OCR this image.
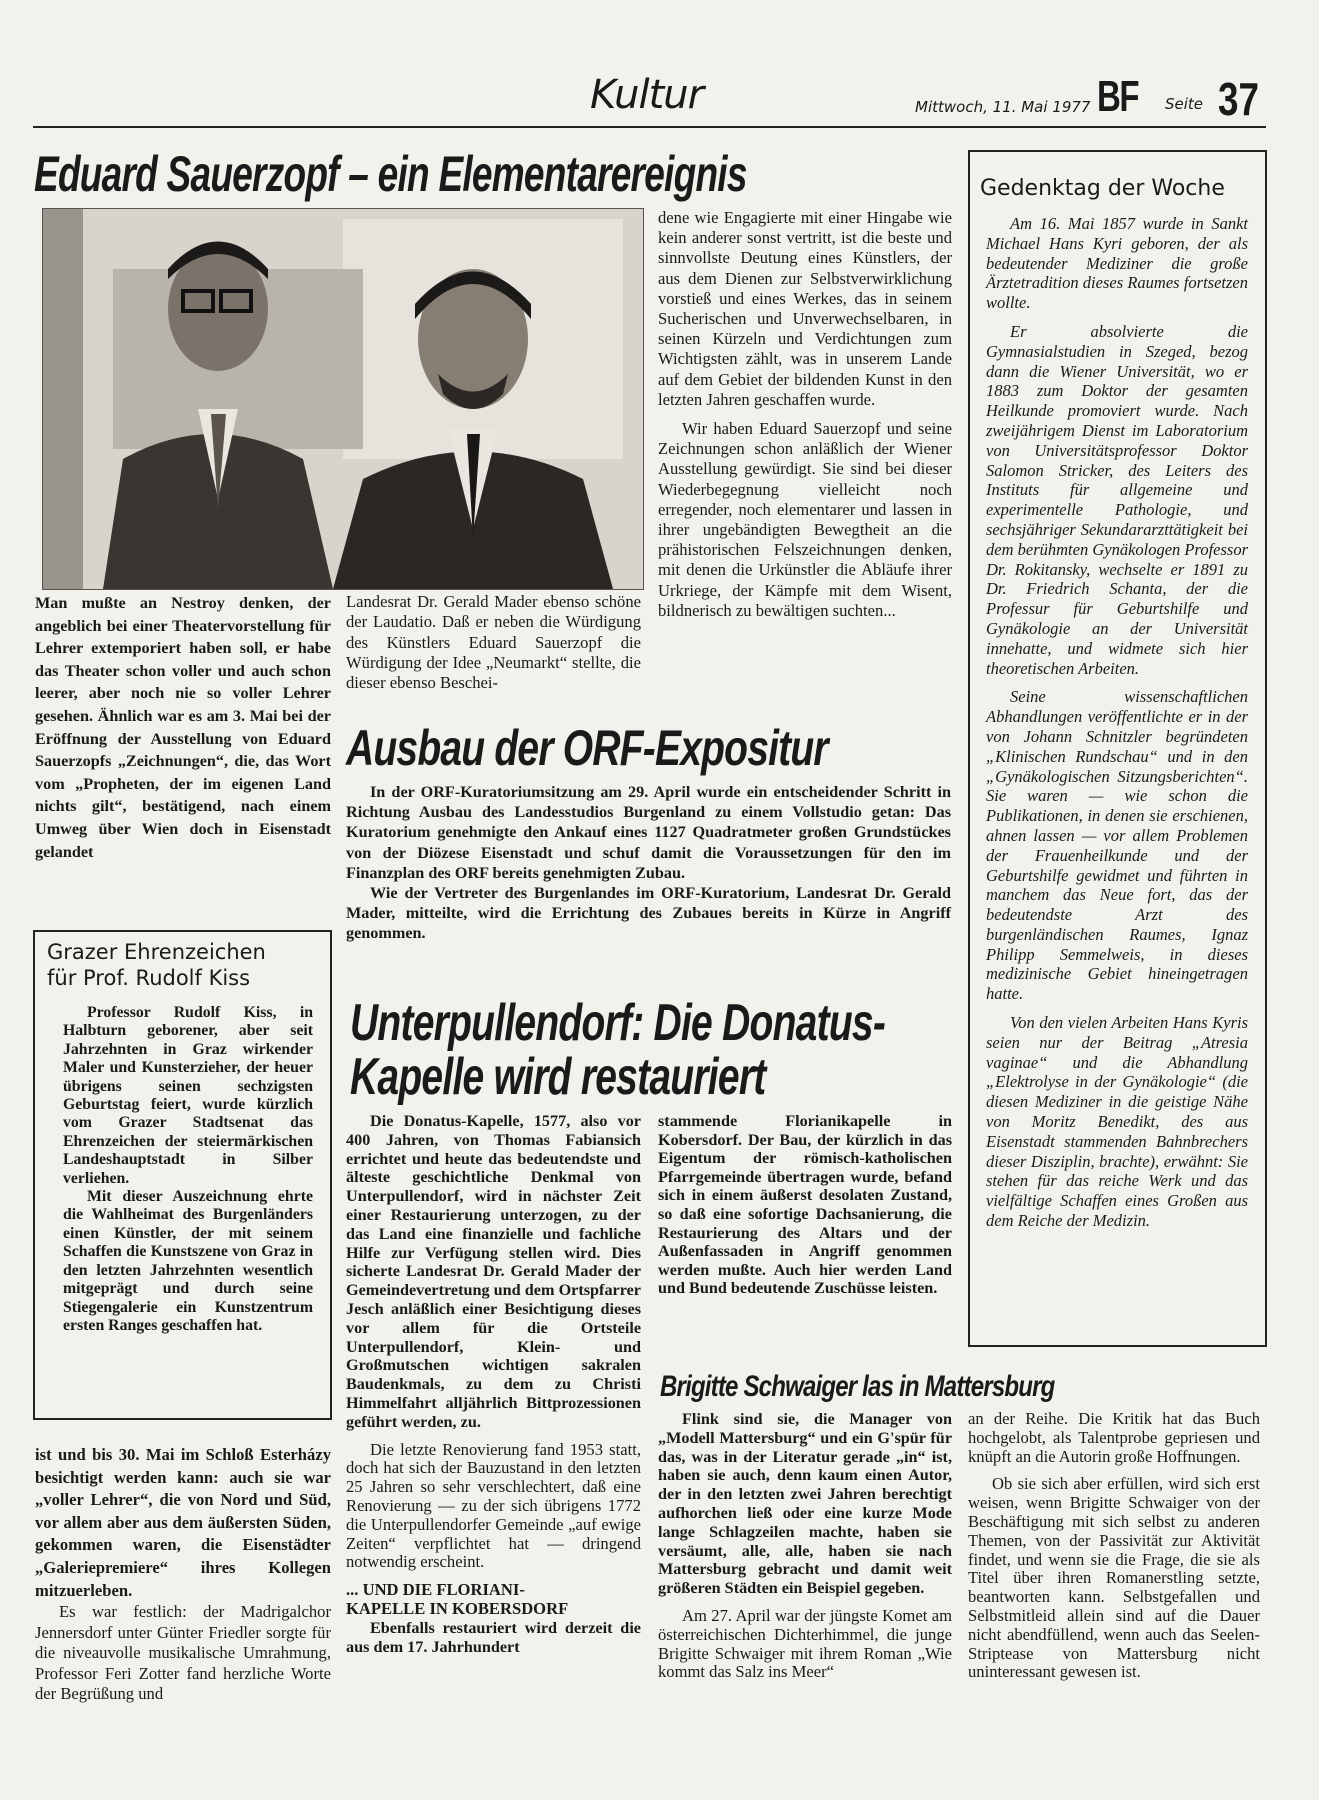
Kultur	Mittwoch, 11. Mai 1977 BF Seite 37
Eduard Sauerzopf – ein Elementarereignis

Man mußte an Nestroy denken, der angeblich bei einer Theatervorstellung für Lehrer extemporiert haben soll, er habe das Theater schon voller und auch schon leerer, aber noch nie so voller Lehrer gesehen. Ähnlich war es am 3. Mai bei der Eröffnung der Ausstellung von Eduard Sauerzopfs „Zeichnungen“, die, das Wort vom „Propheten, der im eigenen Land nichts gilt“, bestätigend, nach einem Umweg über Wien doch in Eisenstadt gelandet

Landesrat Dr. Gerald Mader ebenso schöne der Laudatio. Daß er neben die Würdigung des Künstlers Eduard Sauerzopf die Würdigung der Idee „Neumarkt“ stellte, die dieser ebenso Beschei-

dene wie Engagierte mit einer Hingabe wie kein anderer sonst vertritt, ist die beste und sinnvollste Deutung eines Künstlers, der aus dem Dienen zur Selbstverwirklichung vorstieß und eines Werkes, das in seinem Sucherischen und Unverwechselbaren, in seinen Kürzeln und Verdichtungen zum Wichtigsten zählt, was in unserem Lande auf dem Gebiet der bildenden Kunst in den letzten Jahren geschaffen wurde.

Wir haben Eduard Sauerzopf und seine Zeichnungen schon anläßlich der Wiener Ausstellung gewürdigt. Sie sind bei dieser Wiederbegegnung vielleicht noch erregender, noch elementarer und lassen in ihrer ungebändigten Bewegtheit an die prähistorischen Felszeichnungen denken, mit denen die Urkünstler die Abläufe ihrer Urkriege, der Kämpfe mit dem Wisent, bildnerisch zu bewältigen suchten...

Grazer Ehrenzeichen
für Prof. Rudolf Kiss

Professor Rudolf Kiss, in Halbturn geborener, aber seit Jahrzehnten in Graz wirkender Maler und Kunsterzieher, der heuer übrigens seinen sechzigsten Geburtstag feiert, wurde kürzlich vom Grazer Stadtsenat das Ehrenzeichen der steiermärkischen Landeshauptstadt in Silber verliehen.

Mit dieser Auszeichnung ehrte die Wahlheimat des Burgenländers einen Künstler, der mit seinem Schaffen die Kunstszene von Graz in den letzten Jahrzehnten wesentlich mitgeprägt und durch seine Stiegengalerie ein Kunstzentrum ersten Ranges geschaffen hat.

ist und bis 30. Mai im Schloß Esterházy besichtigt werden kann: auch sie war „voller Lehrer“, die von Nord und Süd, vor allem aber aus dem äußersten Süden, gekommen waren, die Eisenstädter „Galeriepremiere“ ihres Kollegen mitzuerleben.

Es war festlich: der Madrigalchor Jennersdorf unter Günter Friedler sorgte für die niveauvolle musikalische Umrahmung, Professor Feri Zotter fand herzliche Worte der Begrüßung und

Ausbau der ORF-Expositur

In der ORF-Kuratoriumsitzung am 29. April wurde ein entscheidender Schritt in Richtung Ausbau des Landesstudios Burgenland zu einem Vollstudio getan: Das Kuratorium genehmigte den Ankauf eines 1127 Quadratmeter großen Grundstückes von der Diözese Eisenstadt und schuf damit die Voraussetzungen für den im Finanzplan des ORF bereits genehmigten Zubau.

Wie der Vertreter des Burgenlandes im ORF-Kuratorium, Landesrat Dr. Gerald Mader, mitteilte, wird die Errichtung des Zubaues bereits in Kürze in Angriff genommen.

Unterpullendorf: Die Donatus-
Kapelle wird restauriert

Die Donatus-Kapelle, 1577, also vor 400 Jahren, von Thomas Fabiansich errichtet und heute das bedeutendste und älteste geschichtliche Denkmal von Unterpullendorf, wird in nächster Zeit einer Restaurierung unterzogen, zu der das Land eine finanzielle und fachliche Hilfe zur Verfügung stellen wird. Dies sicherte Landesrat Dr. Gerald Mader der Gemeindevertretung und dem Ortspfarrer Jesch anläßlich einer Besichtigung dieses vor allem für die Ortsteile Unterpullendorf, Klein- und Großmutschen wichtigen sakralen Baudenkmals, zu dem zu Christi Himmelfahrt alljährlich Bittprozessionen geführt werden, zu.

Die letzte Renovierung fand 1953 statt, doch hat sich der Bauzustand in den letzten 25 Jahren so sehr verschlechtert, daß eine Renovierung — zu der sich übrigens 1772 die Unterpullendorfer Gemeinde „auf ewige Zeiten“ verpflichtet hat — dringend notwendig erscheint.

... UND DIE FLORIANI-

KAPELLE IN KOBERSDORF

Ebenfalls restauriert wird derzeit die aus dem 17. Jahrhundert

stammende Florianikapelle in Kobersdorf. Der Bau, der kürzlich in das Eigentum der römisch-katholischen Pfarrgemeinde übertragen wurde, befand sich in einem äußerst desolaten Zustand, so daß eine sofortige Dachsanierung, die Restaurierung des Altars und der Außenfassaden in Angriff genommen werden mußte. Auch hier werden Land und Bund bedeutende Zuschüsse leisten.

Brigitte Schwaiger las in Mattersburg

Flink sind sie, die Manager von „Modell Mattersburg“ und ein G'spür für das, was in der Literatur gerade „in“ ist, haben sie auch, denn kaum einen Autor, der in den letzten zwei Jahren berechtigt aufhorchen ließ oder eine kurze Mode lange Schlagzeilen machte, haben sie versäumt, alle, alle, haben sie nach Mattersburg gebracht und damit weit größeren Städten ein Beispiel gegeben.

Am 27. April war der jüngste Komet am österreichischen Dichterhimmel, die junge Brigitte Schwaiger mit ihrem Roman „Wie kommt das Salz ins Meer“

an der Reihe. Die Kritik hat das Buch hochgelobt, als Talentprobe gepriesen und knüpft an die Autorin große Hoffnungen.

Ob sie sich aber erfüllen, wird sich erst weisen, wenn Brigitte Schwaiger von der Beschäftigung mit sich selbst zu anderen Themen, von der Passivität zur Aktivität findet, und wenn sie die Frage, die sie als Titel über ihren Romanerstling setzte, beantworten kann. Selbstgefallen und Selbstmitleid allein sind auf die Dauer nicht abendfüllend, wenn auch das Seelen-Striptease von Mattersburg nicht uninteressant gewesen ist.

Gedenktag der Woche

Am 16. Mai 1857 wurde in Sankt Michael Hans Kyri geboren, der als bedeutender Mediziner die große Ärztetradition dieses Raumes fortsetzen wollte.

Er absolvierte die Gymnasialstudien in Szeged, bezog dann die Wiener Universität, wo er 1883 zum Doktor der gesamten Heilkunde promoviert wurde. Nach zweijährigem Dienst im Laboratorium von Universitätsprofessor Doktor Salomon Stricker, des Leiters des Instituts für allgemeine und experimentelle Pathologie, und sechsjähriger Sekundararzttätigkeit bei dem berühmten Gynäkologen Professor Dr. Rokitansky, wechselte er 1891 zu Dr. Friedrich Schanta, der die Professur für Geburtshilfe und Gynäkologie an der Universität innehatte, und widmete sich hier theoretischen Arbeiten.

Seine wissenschaftlichen Abhandlungen veröffentlichte er in der von Johann Schnitzler begründeten „Klinischen Rundschau“ und in den „Gynäkologischen Sitzungsberichten“. Sie waren — wie schon die Publikationen, in denen sie erschienen, ahnen lassen — vor allem Problemen der Frauenheilkunde und der Geburtshilfe gewidmet und führten in manchem das Neue fort, das der bedeutendste Arzt des burgenländischen Raumes, Ignaz Philipp Semmelweis, in dieses medizinische Gebiet hineingetragen hatte.

Von den vielen Arbeiten Hans Kyris seien nur der Beitrag „Atresia vaginae“ und die Abhandlung „Elektrolyse in der Gynäkologie“ (die diesen Mediziner in die geistige Nähe von Moritz Benedikt, des aus Eisenstadt stammenden Bahnbrechers dieser Disziplin, brachte), erwähnt: Sie stehen für das reiche Werk und das vielfältige Schaffen eines Großen aus dem Reiche der Medizin.
